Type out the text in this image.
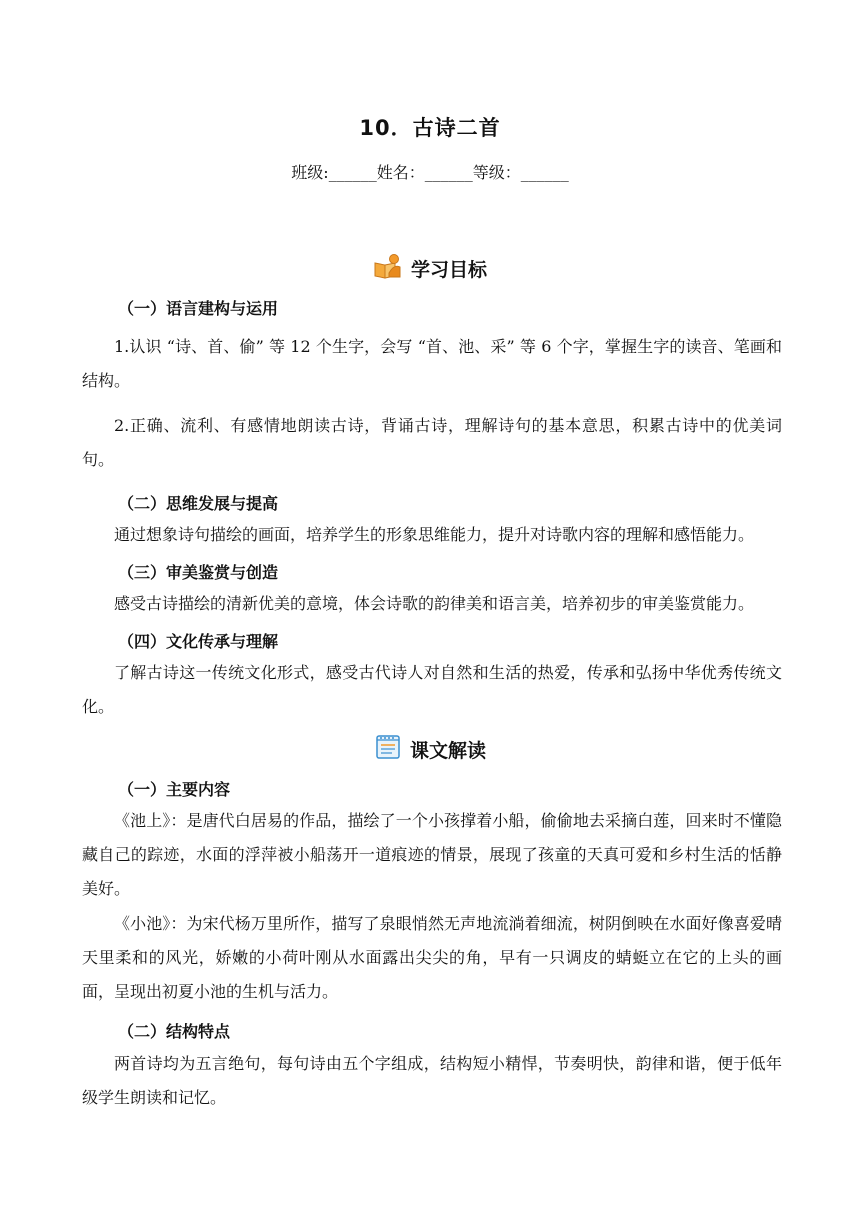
10．古诗二首
班级:______姓名：______等级：______
学习目标
（一）语言建构与运用

1.认识 “诗、首、偷” 等 12 个生字，会写 “首、池、采” 等 6 个字，掌握生字的读音、笔画和结构。

2.正确、流利、有感情地朗读古诗，背诵古诗，理解诗句的基本意思，积累古诗中的优美词句。

（二）思维发展与提高

通过想象诗句描绘的画面，培养学生的形象思维能力，提升对诗歌内容的理解和感悟能力。

（三）审美鉴赏与创造

感受古诗描绘的清新优美的意境，体会诗歌的韵律美和语言美，培养初步的审美鉴赏能力。

（四）文化传承与理解

了解古诗这一传统文化形式，感受古代诗人对自然和生活的热爱，传承和弘扬中华优秀传统文化。

课文解读
（一）主要内容

《池上》：是唐代白居易的作品，描绘了一个小孩撑着小船，偷偷地去采摘白莲，回来时不懂隐藏自己的踪迹，水面的浮萍被小船荡开一道痕迹的情景，展现了孩童的天真可爱和乡村生活的恬静美好。

《小池》：为宋代杨万里所作，描写了泉眼悄然无声地流淌着细流，树阴倒映在水面好像喜爱晴天里柔和的风光，娇嫩的小荷叶刚从水面露出尖尖的角，早有一只调皮的蜻蜓立在它的上头的画面，呈现出初夏小池的生机与活力。

（二）结构特点

两首诗均为五言绝句，每句诗由五个字组成，结构短小精悍，节奏明快，韵律和谐，便于低年级学生朗读和记忆。
